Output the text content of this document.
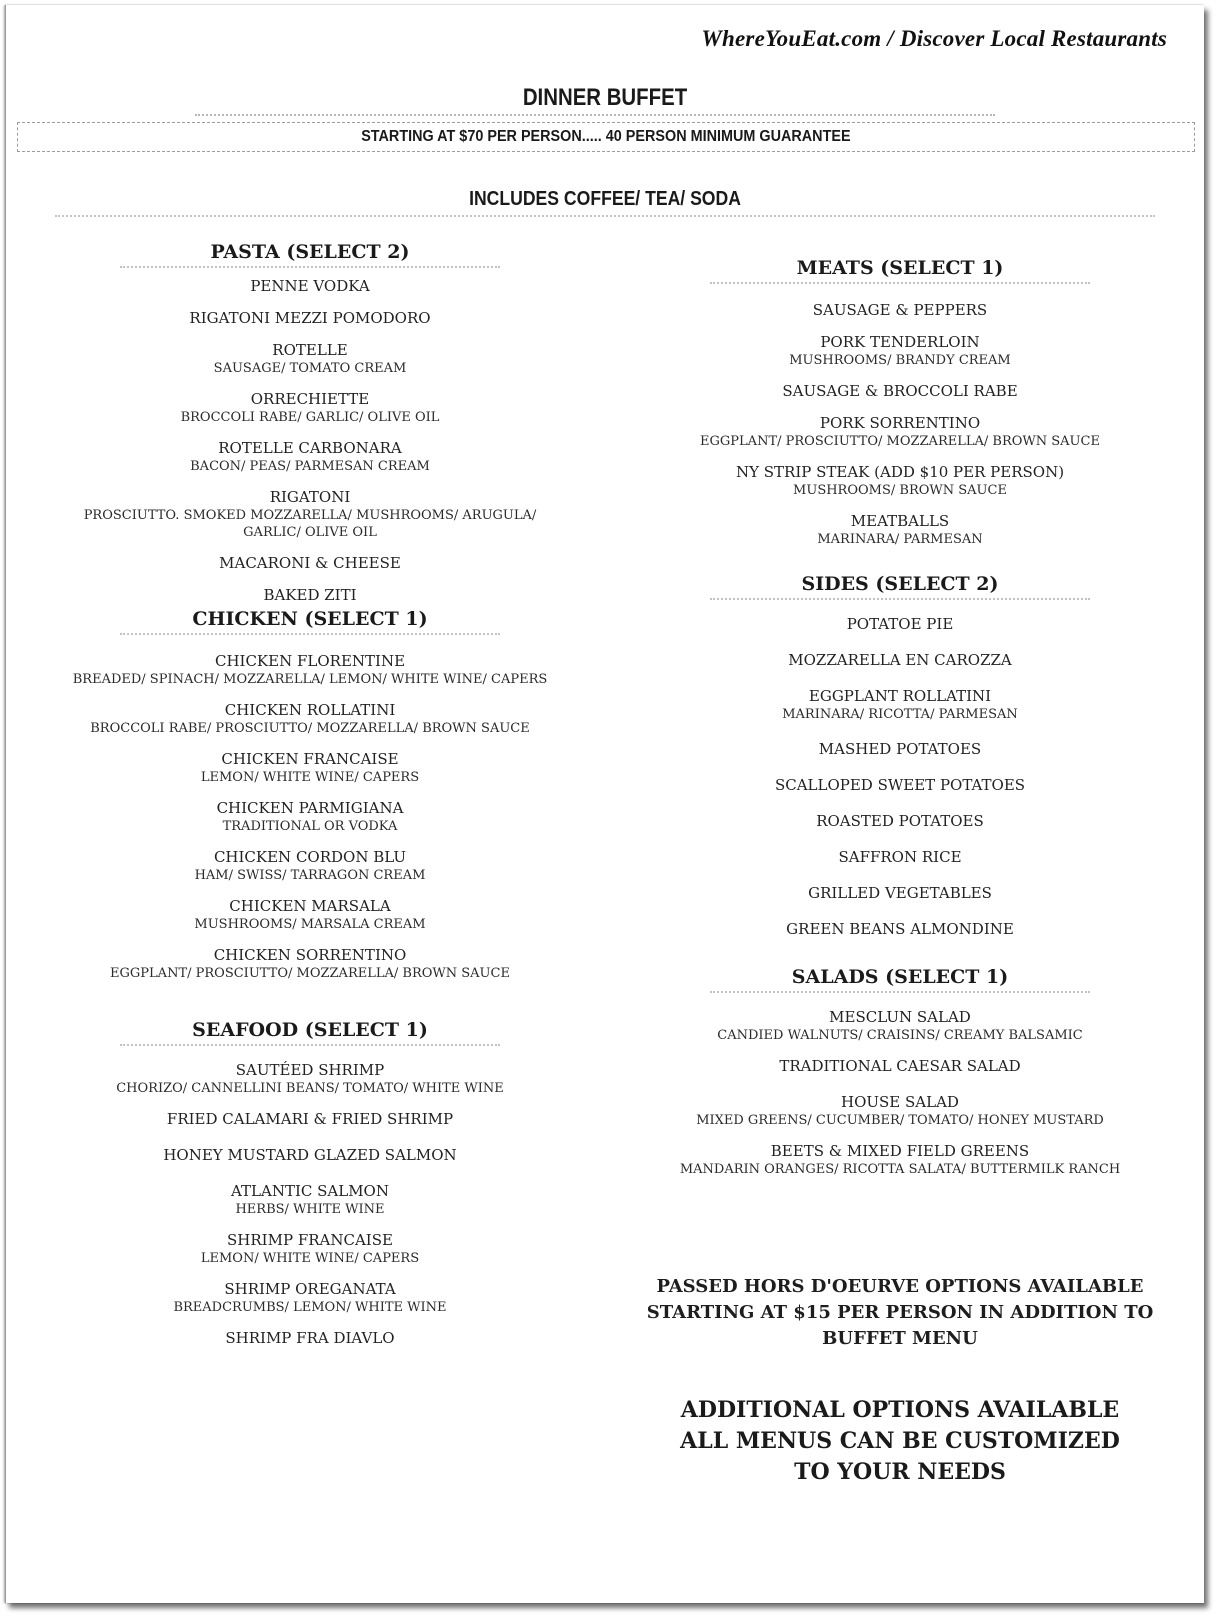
WhereYouEat.com / Discover Local Restaurants
DINNER BUFFET
STARTING AT $70 PER PERSON..... 40 PERSON MINIMUM GUARANTEE
INCLUDES COFFEE/ TEA/ SODA
PASTA (SELECT 2)
PENNE VODKA
RIGATONI MEZZI POMODORO
ROTELLE
SAUSAGE/ TOMATO CREAM
ORRECHIETTE
BROCCOLI RABE/ GARLIC/ OLIVE OIL
ROTELLE CARBONARA
BACON/ PEAS/ PARMESAN CREAM
RIGATONI
PROSCIUTTO. SMOKED MOZZARELLA/ MUSHROOMS/ ARUGULA/ GARLIC/ OLIVE OIL
MACARONI & CHEESE
BAKED ZITI
CHICKEN (SELECT 1)
CHICKEN FLORENTINE
BREADED/ SPINACH/ MOZZARELLA/ LEMON/ WHITE WINE/ CAPERS
CHICKEN ROLLATINI
BROCCOLI RABE/ PROSCIUTTO/ MOZZARELLA/ BROWN SAUCE
CHICKEN FRANCAISE
LEMON/ WHITE WINE/ CAPERS
CHICKEN PARMIGIANA
TRADITIONAL OR VODKA
CHICKEN CORDON BLU
HAM/ SWISS/ TARRAGON CREAM
CHICKEN MARSALA
MUSHROOMS/ MARSALA CREAM
CHICKEN SORRENTINO
EGGPLANT/ PROSCIUTTO/ MOZZARELLA/ BROWN SAUCE
SEAFOOD (SELECT 1)
SAUTÉED SHRIMP
CHORIZO/ CANNELLINI BEANS/ TOMATO/ WHITE WINE
FRIED CALAMARI & FRIED SHRIMP
HONEY MUSTARD GLAZED SALMON
ATLANTIC SALMON
HERBS/ WHITE WINE
SHRIMP FRANCAISE
LEMON/ WHITE WINE/ CAPERS
SHRIMP OREGANATA
BREADCRUMBS/ LEMON/ WHITE WINE
SHRIMP FRA DIAVLO
MEATS (SELECT 1)
SAUSAGE & PEPPERS
PORK TENDERLOIN
MUSHROOMS/ BRANDY CREAM
SAUSAGE & BROCCOLI RABE
PORK SORRENTINO
EGGPLANT/ PROSCIUTTO/ MOZZARELLA/ BROWN SAUCE
NY STRIP STEAK (ADD $10 PER PERSON)
MUSHROOMS/ BROWN SAUCE
MEATBALLS
MARINARA/ PARMESAN
SIDES (SELECT 2)
POTATOE PIE
MOZZARELLA EN CAROZZA
EGGPLANT ROLLATINI
MARINARA/ RICOTTA/ PARMESAN
MASHED POTATOES
SCALLOPED SWEET POTATOES
ROASTED POTATOES
SAFFRON RICE
GRILLED VEGETABLES
GREEN BEANS ALMONDINE
SALADS (SELECT 1)
MESCLUN SALAD
CANDIED WALNUTS/ CRAISINS/ CREAMY BALSAMIC
TRADITIONAL CAESAR SALAD
HOUSE SALAD
MIXED GREENS/ CUCUMBER/ TOMATO/ HONEY MUSTARD
BEETS & MIXED FIELD GREENS
MANDARIN ORANGES/ RICOTTA SALATA/ BUTTERMILK RANCH
PASSED HORS D'OEURVE OPTIONS AVAILABLE
STARTING AT $15 PER PERSON IN ADDITION TO
BUFFET MENU
ADDITIONAL OPTIONS AVAILABLE
ALL MENUS CAN BE CUSTOMIZED
TO YOUR NEEDS
